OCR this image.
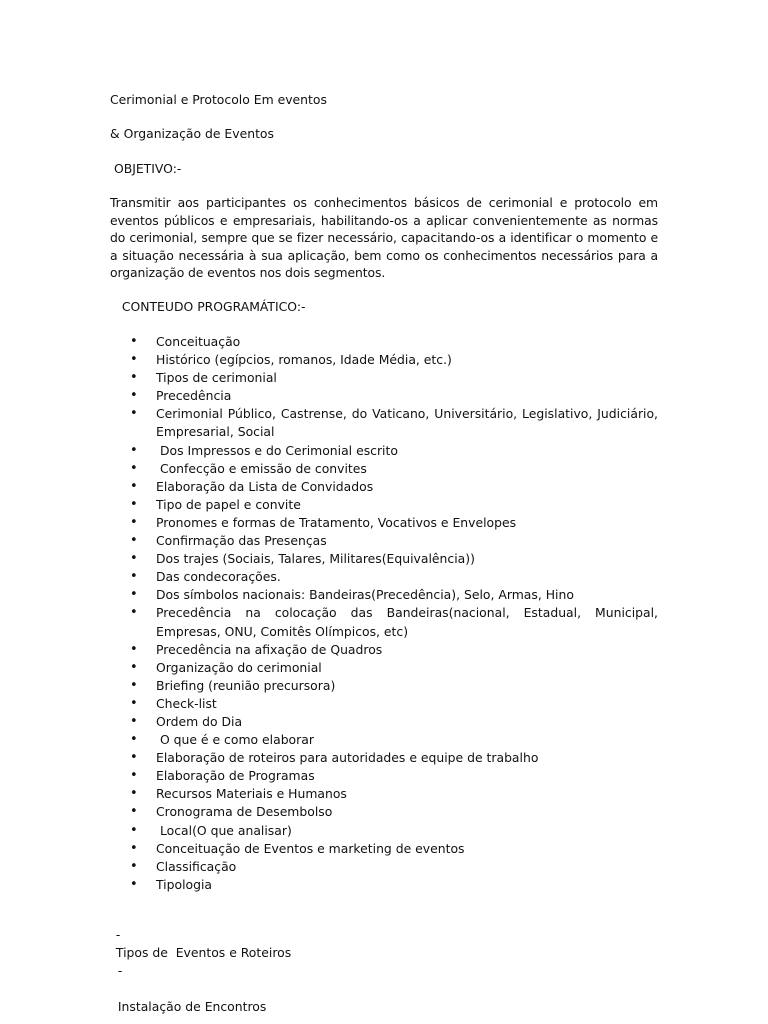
Cerimonial e Protocolo Em eventos
& Organização de Eventos
OBJETIVO:-
Transmitir aos participantes os conhecimentos básicos de cerimonial e protocolo em eventos públicos e empresariais, habilitando-os a aplicar convenientemente as normas do cerimonial, sempre que se fizer necessário, capacitando-os a identificar o momento e a situação necessária à sua aplicação, bem como os conhecimentos necessários para a organização de eventos nos dois segmentos.
CONTEUDO PROGRAMÁTICO:-
• Conceituação
• Histórico (egípcios, romanos, Idade Média, etc.)
• Tipos de cerimonial
• Precedência
• Cerimonial Público, Castrense, do Vaticano, Universitário, Legislativo, Judiciário, Empresarial, Social
•  Dos Impressos e do Cerimonial escrito
•  Confecção e emissão de convites
• Elaboração da Lista de Convidados
• Tipo de papel e convite
• Pronomes e formas de Tratamento, Vocativos e Envelopes
• Confirmação das Presenças
• Dos trajes (Sociais, Talares, Militares(Equivalência))
• Das condecorações.
• Dos símbolos nacionais: Bandeiras(Precedência), Selo, Armas, Hino
• Precedência na colocação das Bandeiras(nacional, Estadual, Municipal, Empresas, ONU, Comitês Olímpicos, etc)
• Precedência na afixação de Quadros
• Organização do cerimonial
• Briefing (reunião precursora)
• Check-list
• Ordem do Dia
•  O que é e como elaborar
• Elaboração de roteiros para autoridades e equipe de trabalho
• Elaboração de Programas
• Recursos Materiais e Humanos
• Cronograma de Desembolso
•  Local(O que analisar)
• Conceituação de Eventos e marketing de eventos
• Classificação
• Tipologia

-
Tipos de  Eventos e Roteiros

-

Instalação de Encontros
